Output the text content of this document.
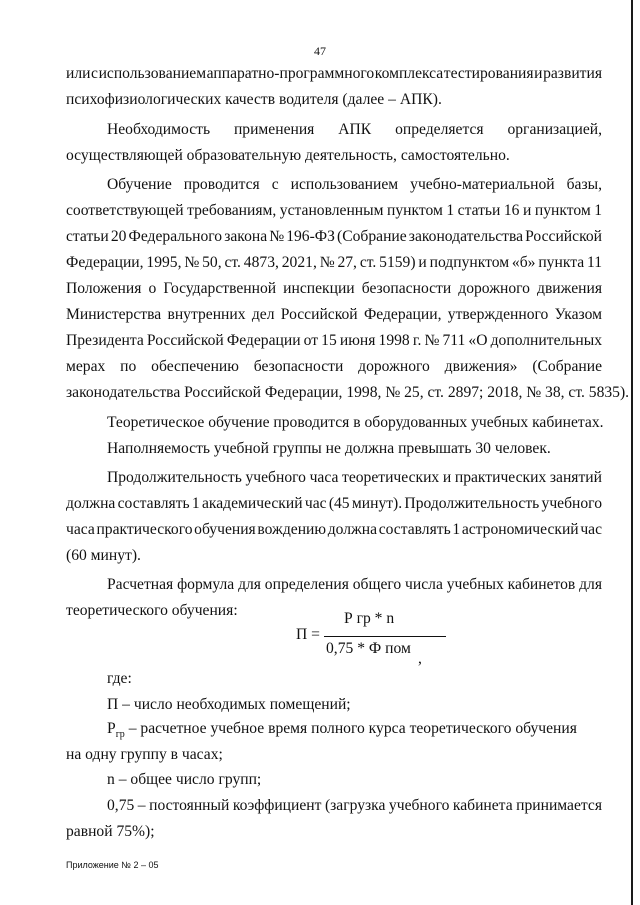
47
или с использованием аппаратно-программного комплекса тестирования и развития
психофизиологических качеств водителя (далее – АПК).
Необходимость применения АПК определяется организацией,
осуществляющей образовательную деятельность, самостоятельно.
Обучение проводится с использованием учебно-материальной базы,
соответствующей требованиям, установленным пунктом 1 статьи 16 и пунктом 1
статьи 20 Федерального закона № 196-ФЗ (Собрание законодательства Российской
Федерации, 1995, № 50, ст. 4873, 2021, № 27, ст. 5159) и подпунктом «б» пункта 11
Положения о Государственной инспекции безопасности дорожного движения
Министерства внутренних дел Российской Федерации, утвержденного Указом
Президента Российской Федерации от 15 июня 1998 г. № 711 «О дополнительных
мерах по обеспечению безопасности дорожного движения» (Собрание
законодательства Российской Федерации, 1998, № 25, ст. 2897; 2018, № 38, ст. 5835).
Теоретическое обучение проводится в оборудованных учебных кабинетах.
Наполняемость учебной группы не должна превышать 30 человек.
Продолжительность учебного часа теоретических и практических занятий
должна составлять 1 академический час (45 минут). Продолжительность учебного
часа практического обучения вождению должна составлять 1 астрономический час
(60 минут).
Расчетная формула для определения общего числа учебных кабинетов для
теоретического обучения:
П =
Р гр * n
0,75 * Ф пом
,
где:
П – число необходимых помещений;
$Р_{гр}$ – расчетное учебное время полного курса теоретического обучения
на одну группу в часах;
n – общее число групп;
0,75 – постоянный коэффициент (загрузка учебного кабинета принимается
равной 75%);
Приложение № 2 – 05
